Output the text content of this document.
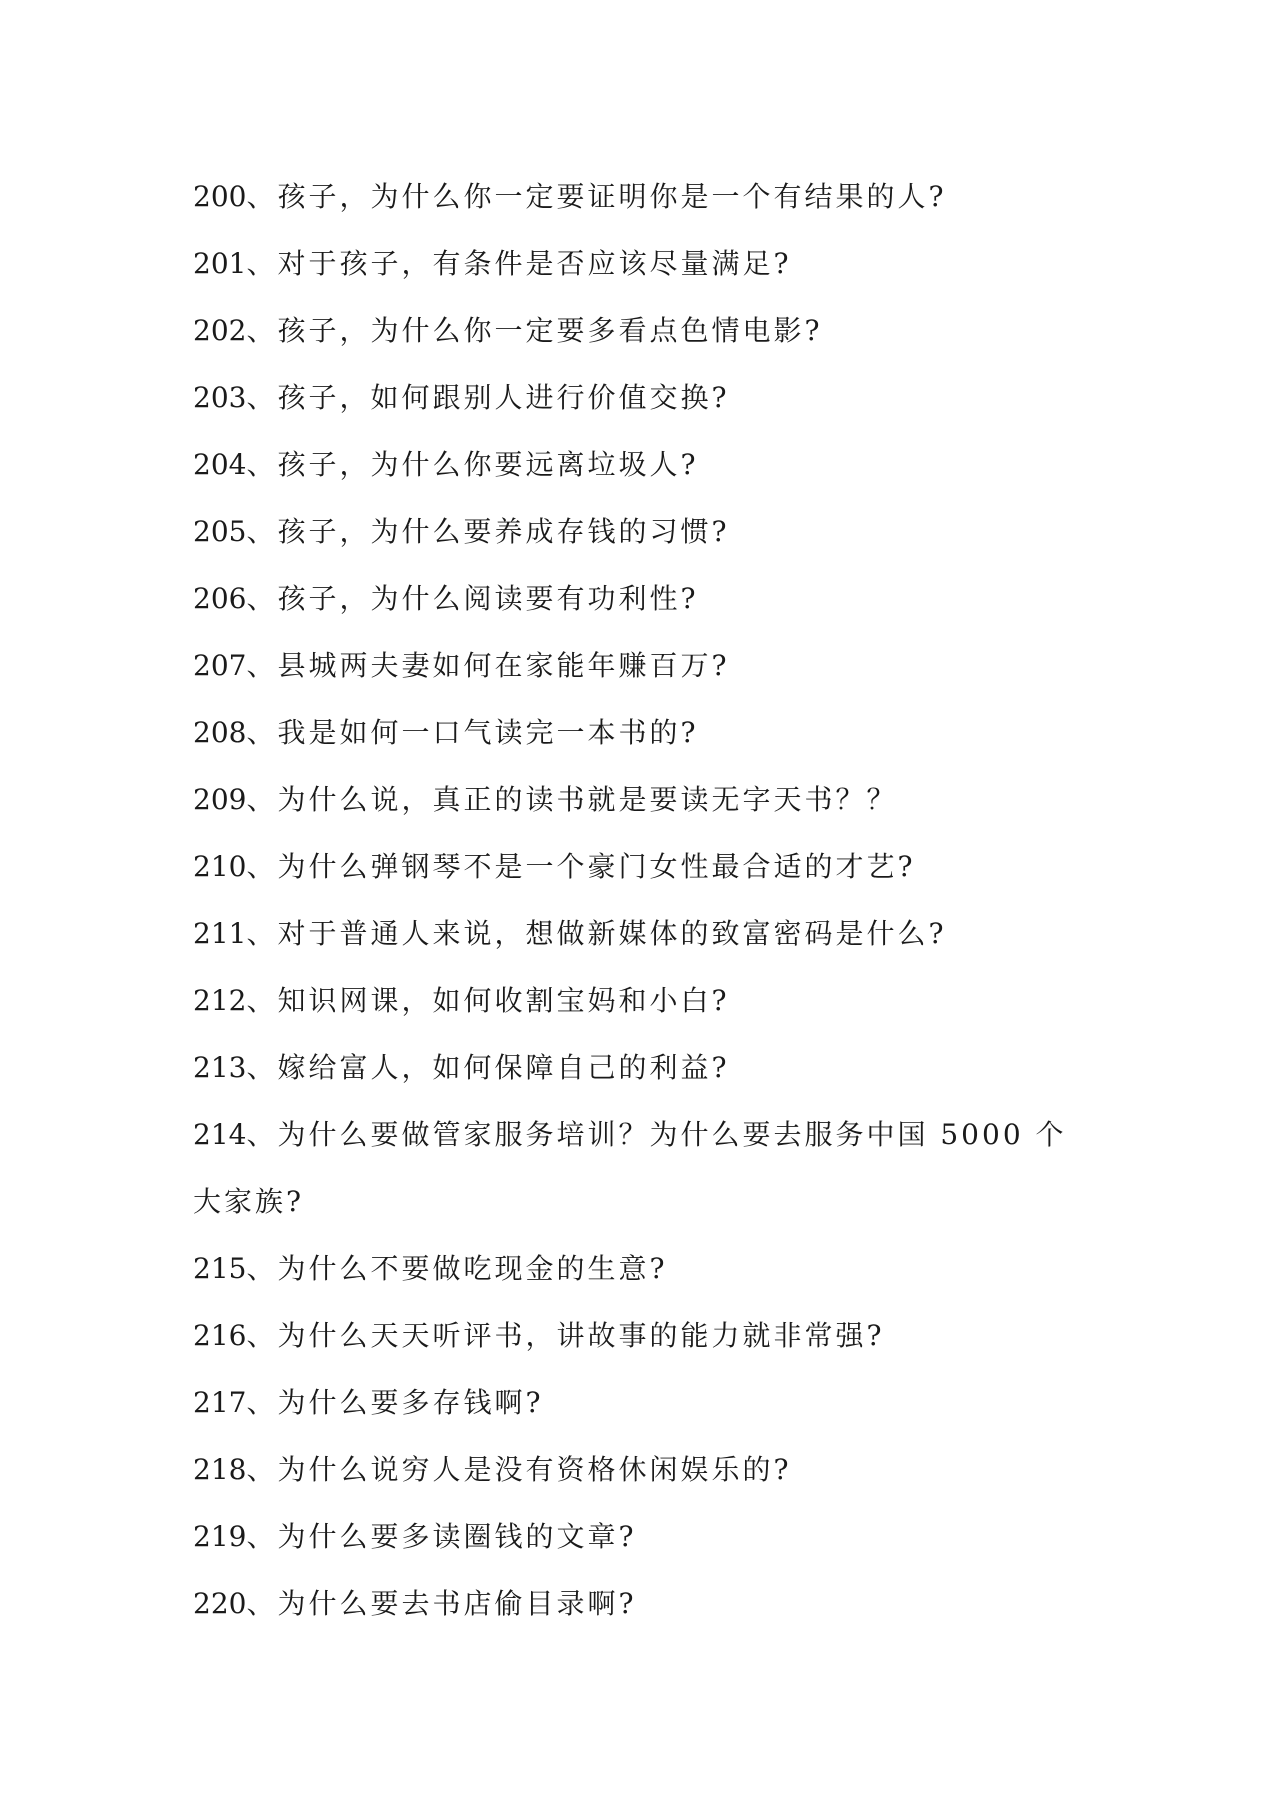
200、孩子，为什么你一定要证明你是一个有结果的人?
201、对于孩子，有条件是否应该尽量满足?
202、孩子，为什么你一定要多看点色情电影?
203、孩子，如何跟别人进行价值交换?
204、孩子，为什么你要远离垃圾人?
205、孩子，为什么要养成存钱的习惯?
206、孩子，为什么阅读要有功利性?
207、县城两夫妻如何在家能年赚百万?
208、我是如何一口气读完一本书的?
209、为什么说，真正的读书就是要读无字天书？？
210、为什么弹钢琴不是一个豪门女性最合适的才艺?
211、对于普通人来说，想做新媒体的致富密码是什么?
212、知识网课，如何收割宝妈和小白?
213、嫁给富人，如何保障自己的利益?
214、为什么要做管家服务培训？为什么要去服务中国 5000 个大家族?
215、为什么不要做吃现金的生意?
216、为什么天天听评书，讲故事的能力就非常强?
217、为什么要多存钱啊?
218、为什么说穷人是没有资格休闲娱乐的?
219、为什么要多读圈钱的文章?
220、为什么要去书店偷目录啊?
